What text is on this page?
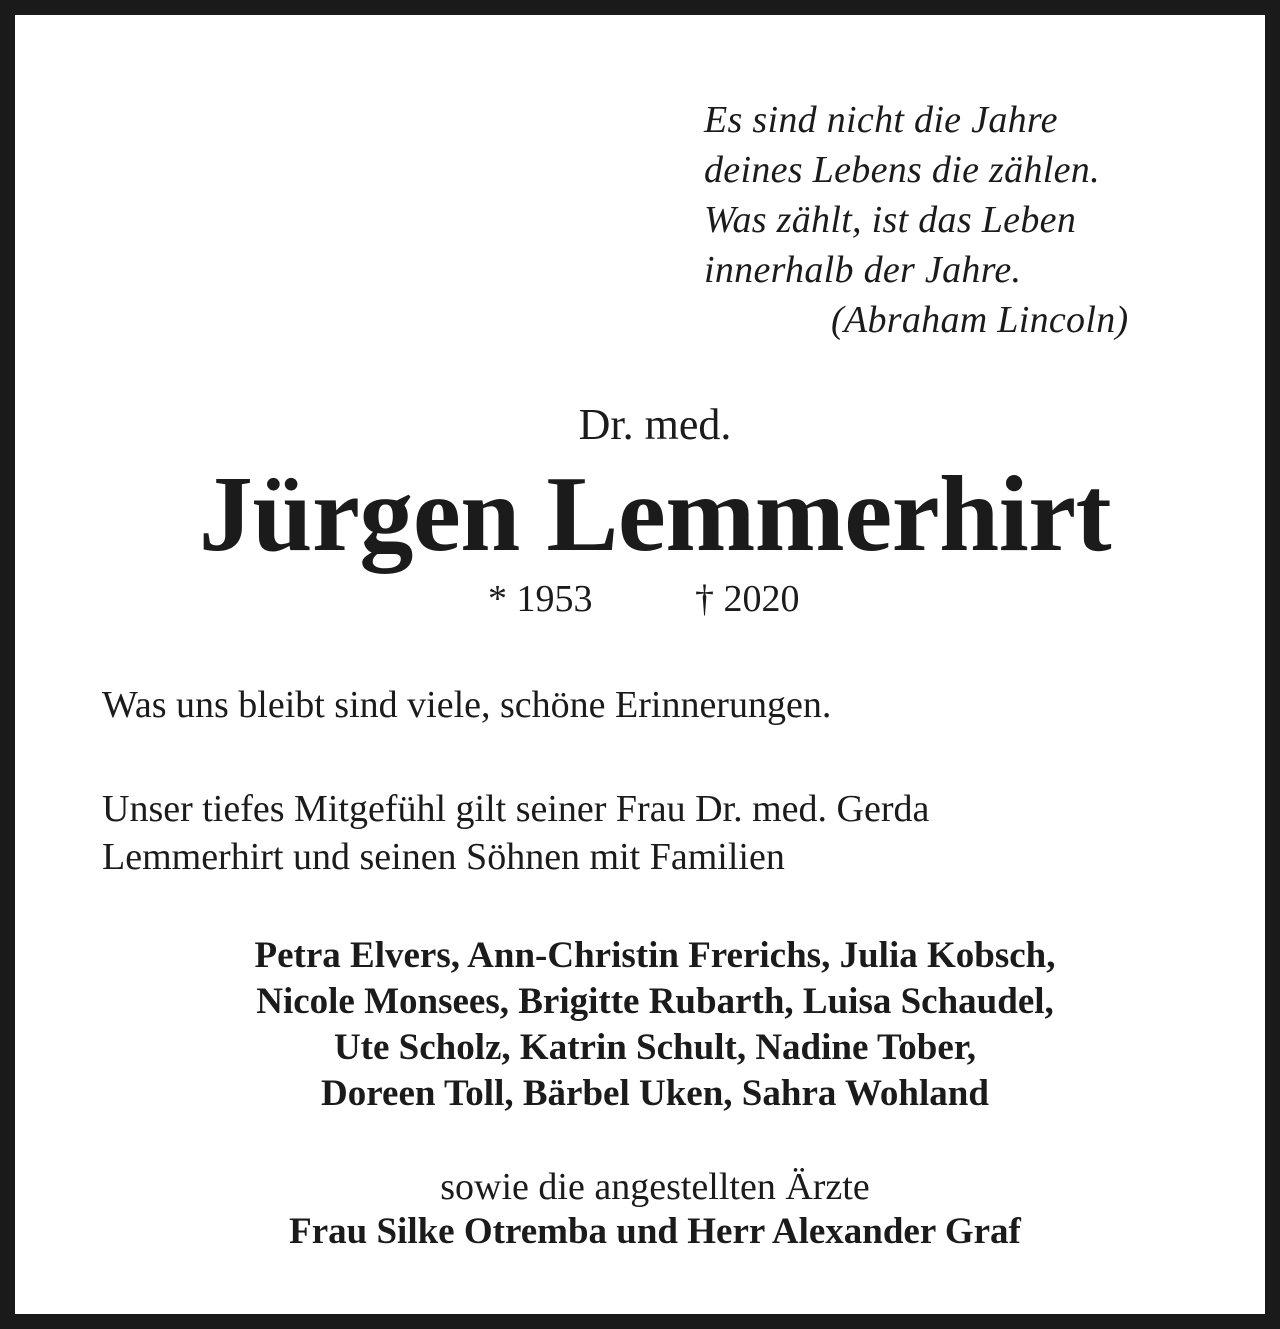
Es sind nicht die Jahre
deines Lebens die zählen.
Was zählt, ist das Leben
innerhalb der Jahre.
(Abraham Lincoln)
Dr. med.
Jürgen Lemmerhirt
* 1953	† 2020
Was uns bleibt sind viele, schöne Erinnerungen.
Unser tiefes Mitgefühl gilt seiner Frau Dr. med. Gerda
Lemmerhirt und seinen Söhnen mit Familien
Petra Elvers, Ann-Christin Frerichs, Julia Kobsch,
Nicole Monsees, Brigitte Rubarth, Luisa Schaudel,
Ute Scholz, Katrin Schult, Nadine Tober,
Doreen Toll, Bärbel Uken, Sahra Wohland
sowie die angestellten Ärzte
Frau Silke Otremba und Herr Alexander Graf
